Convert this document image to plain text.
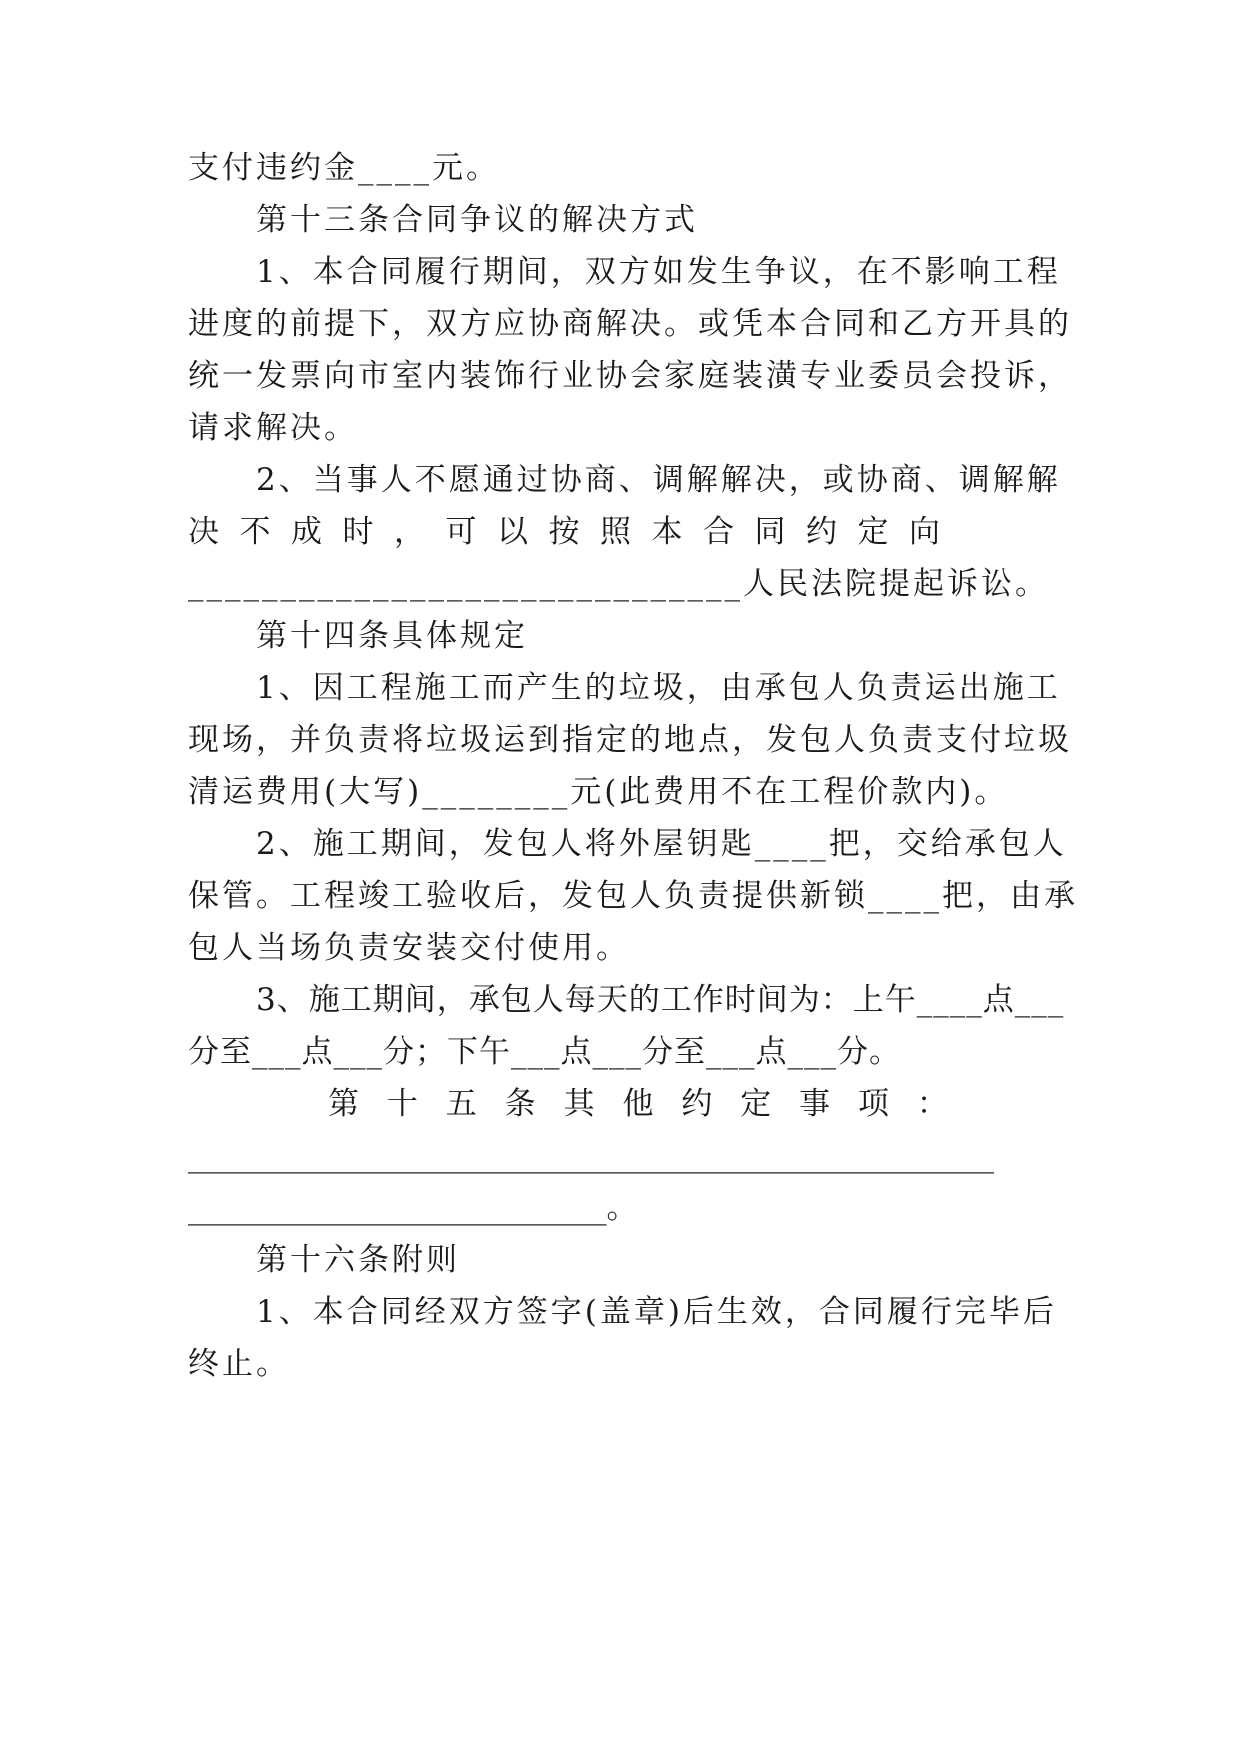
支付违约金____元。
第十三条合同争议的解决方式
1、本合同履行期间，双方如发生争议，在不影响工程
进度的前提下，双方应协商解决。或凭本合同和乙方开具的
统一发票向市室内装饰行业协会家庭装潢专业委员会投诉，
请求解决。
2、当事人不愿通过协商、调解解决，或协商、调解解
决 不 成 时 ， 可 以 按 照 本 合 同 约 定 向
______________________________人民法院提起诉讼。
第十四条具体规定
1、因工程施工而产生的垃圾，由承包人负责运出施工
现场，并负责将垃圾运到指定的地点，发包人负责支付垃圾
清运费用(大写)________元(此费用不在工程价款内)。
2、施工期间，发包人将外屋钥匙____把，交给承包人
保管。工程竣工验收后，发包人负责提供新锁____把，由承
包人当场负责安装交付使用。
3、施工期间，承包人每天的工作时间为：上午____点___
分至___点___分；下午___点___分至___点___分。
第 十 五 条 其 他 约 定 事 项 ：
____________________________________________________
___________________________。
第十六条附则
1、本合同经双方签字(盖章)后生效，合同履行完毕后
终止。
